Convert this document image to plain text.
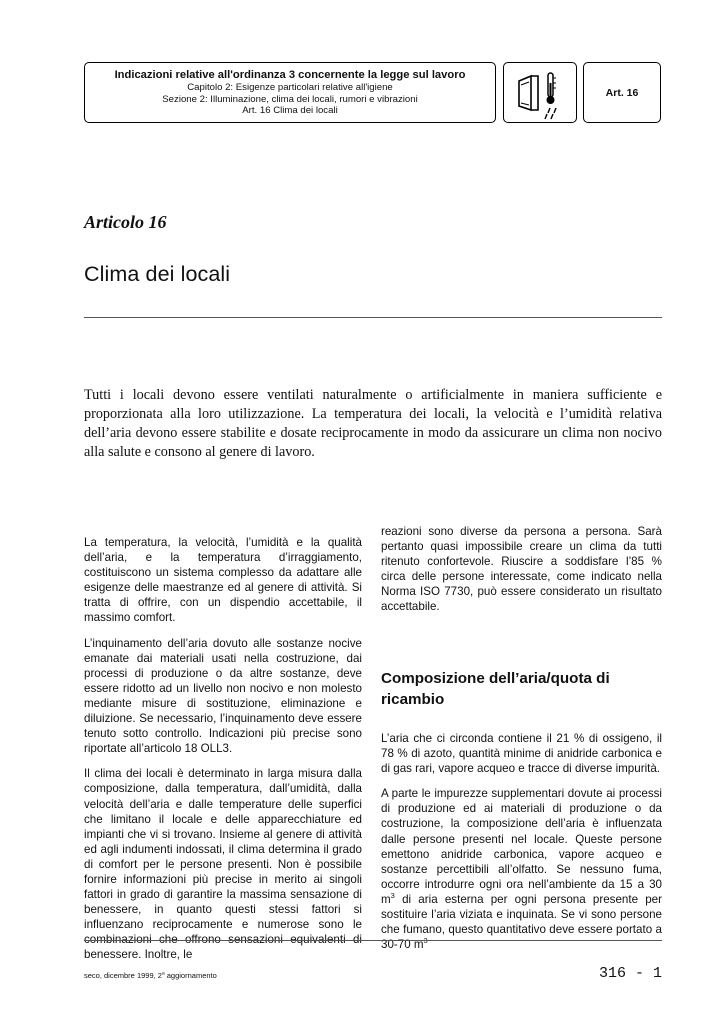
Indicazioni relative all'ordinanza 3 concernente la legge sul lavoro
Capitolo 2: Esigenze particolari relative all'igiene
Sezione 2: Illuminazione, clima dei locali, rumori e vibrazioni
Art. 16 Clima dei locali
Art. 16
Articolo 16
Clima dei locali

Tutti i locali devono essere ventilati naturalmente o artificialmente in maniera sufficiente e proporzionata alla loro utilizzazione. La temperatura dei locali, la velocità e l’umidità relativa dell’aria devono essere stabilite e dosate reciprocamente in modo da assicurare un clima non nocivo alla salute e consono al genere di lavoro.

La temperatura, la velocità, l’umidità e la qualità dell’aria, e la temperatura d’irraggiamento, costituiscono un sistema complesso da adattare alle esigenze delle maestranze ed al genere di attività. Si tratta di offrire, con un dispendio accettabile, il massimo comfort.

L’inquinamento dell’aria dovuto alle sostanze nocive emanate dai materiali usati nella costruzione, dai processi di produzione o da altre sostanze, deve essere ridotto ad un livello non nocivo e non molesto mediante misure di sostituzione, eliminazione e diluizione. Se necessario, l’inquinamento deve essere tenuto sotto controllo. Indicazioni più precise sono riportate all’articolo 18 OLL3.

Il clima dei locali è determinato in larga misura dalla composizione, dalla temperatura, dall’umidità, dalla velocità dell’aria e dalle temperature delle superfici che limitano il locale e delle apparecchiature ed impianti che vi si trovano. Insieme al genere di attività ed agli indumenti indossati, il clima determina il grado di comfort per le persone presenti. Non è possibile fornire informazioni più precise in merito ai singoli fattori in grado di garantire la massima sensazione di benessere, in quanto questi stessi fattori si influenzano reciprocamente e numerose sono le combinazioni che offrono sensazioni equivalenti di benessere. Inoltre, le

reazioni sono diverse da persona a persona. Sarà pertanto quasi impossibile creare un clima da tutti ritenuto confortevole. Riuscire a soddisfare l’85 % circa delle persone interessate, come indicato nella Norma ISO 7730, può essere considerato un risultato accettabile.

Composizione dell’aria/quota di ricambio

L’aria che ci circonda contiene il 21 % di ossigeno, il 78 % di azoto, quantità minime di anidride carbonica e di gas rari, vapore acqueo e tracce di diverse impurità.

A parte le impurezze supplementari dovute ai processi di produzione ed ai materiali di produzione o da costruzione, la composizione dell’aria è influenzata dalle persone presenti nel locale. Queste persone emettono anidride carbonica, vapore acqueo e sostanze percettibili all’olfatto. Se nessuno fuma, occorre introdurre ogni ora nell’ambiente da 15 a 30 $m^3$ di aria esterna per ogni persona presente per sostituire l’aria viziata e inquinata. Se vi sono persone che fumano, questo quantitativo deve essere portato a 30-70 $m^3$

seco, dicembre 1999, 2$^a$ aggiornamento	316 - 1
